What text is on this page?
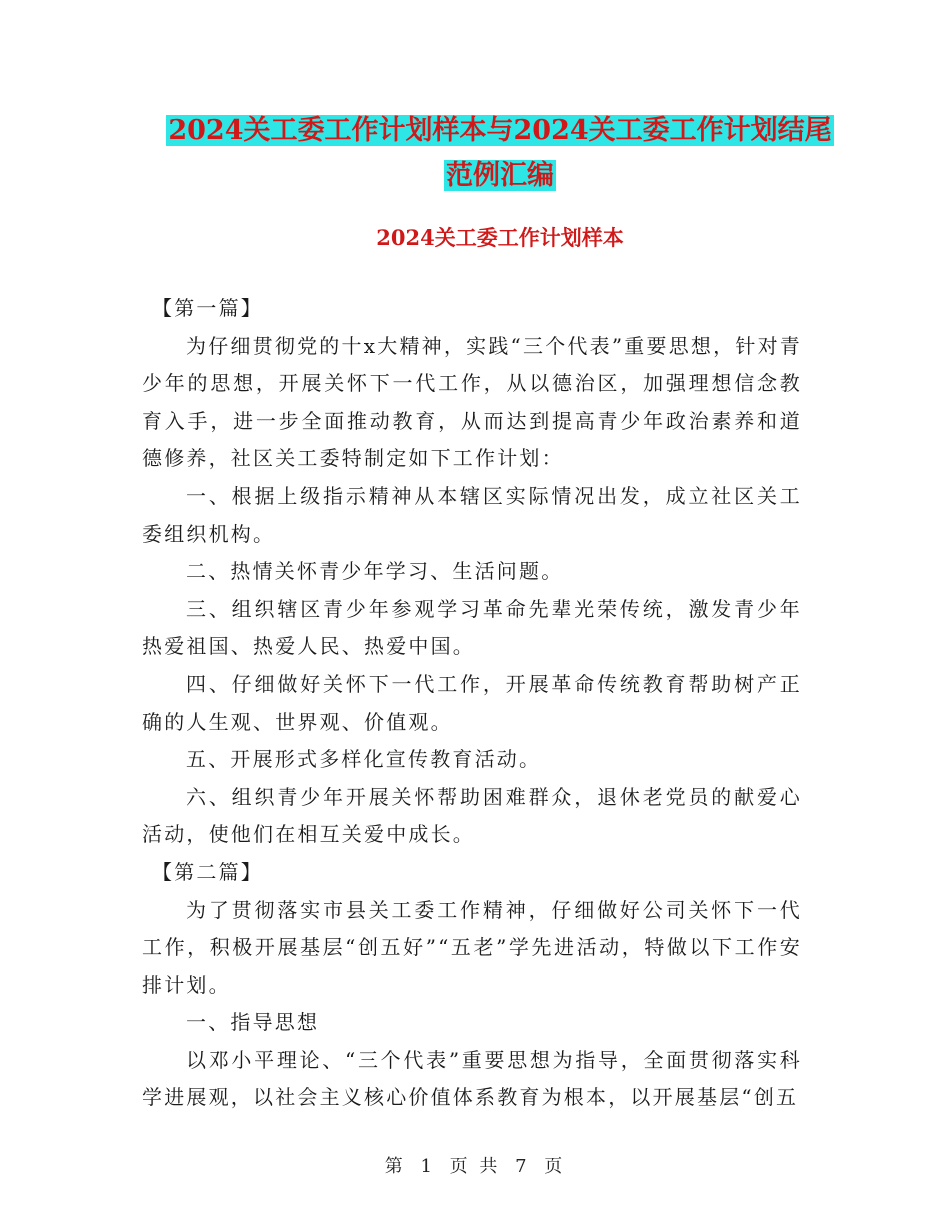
2024关工委工作计划样本与2024关工委工作计划结尾
范例汇编
2024关工委工作计划样本

【第一篇】

为仔细贯彻党的十x大精神，实践“三个代表”重要思想，针对青少年的思想，开展关怀下一代工作，从以德治区，加强理想信念教育入手，进一步全面推动教育，从而达到提高青少年政治素养和道德修养，社区关工委特制定如下工作计划：

一、根据上级指示精神从本辖区实际情况出发，成立社区关工委组织机构。

二、热情关怀青少年学习、生活问题。

三、组织辖区青少年参观学习革命先辈光荣传统，激发青少年热爱祖国、热爱人民、热爱中国。

四、仔细做好关怀下一代工作，开展革命传统教育帮助树产正确的人生观、世界观、价值观。

五、开展形式多样化宣传教育活动。

六、组织青少年开展关怀帮助困难群众，退休老党员的献爱心活动，使他们在相互关爱中成长。

【第二篇】

为了贯彻落实市县关工委工作精神，仔细做好公司关怀下一代工作，积极开展基层“创五好”“五老”学先进活动，特做以下工作安排计划。

一、指导思想

以邓小平理论、“三个代表”重要思想为指导，全面贯彻落实科学进展观，以社会主义核心价值体系教育为根本，以开展基层“创五

第 1 页 共 7 页
